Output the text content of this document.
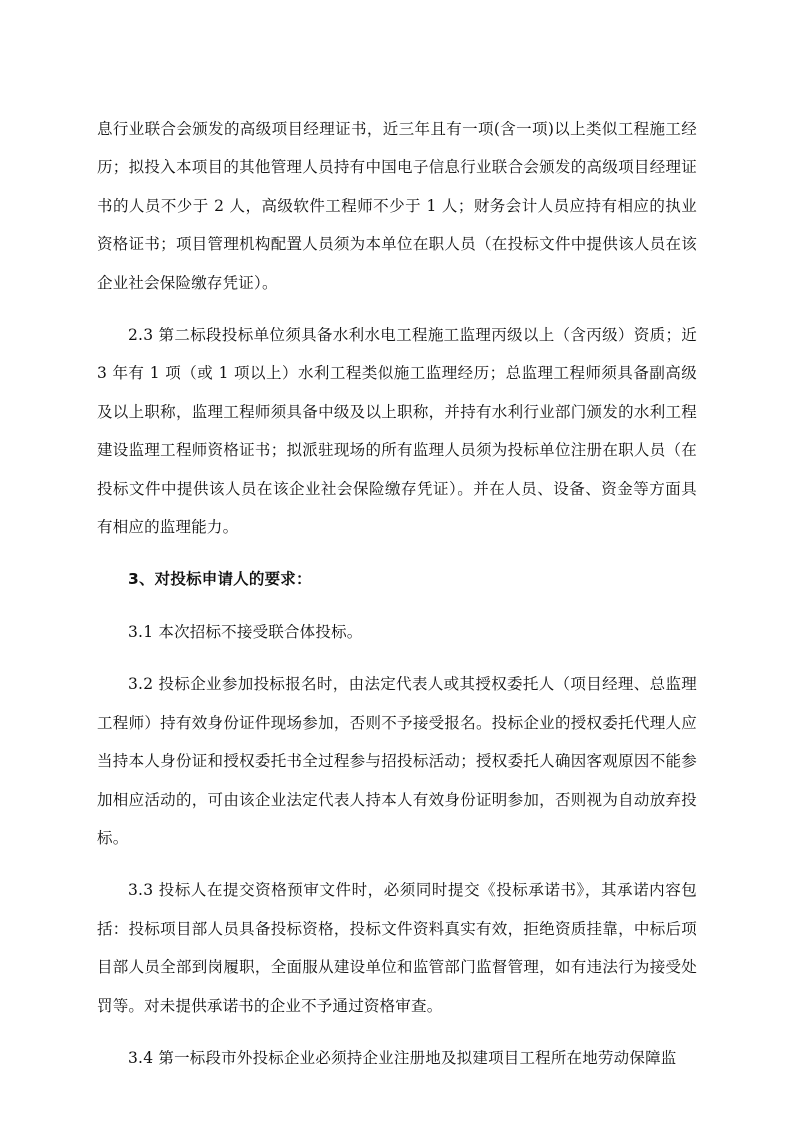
息行业联合会颁发的高级项目经理证书，近三年且有一项(含一项)以上类似工程施工经历；拟投入本项目的其他管理人员持有中国电子信息行业联合会颁发的高级项目经理证书的人员不少于 2 人，高级软件工程师不少于 1 人；财务会计人员应持有相应的执业资格证书；项目管理机构配置人员须为本单位在职人员（在投标文件中提供该人员在该企业社会保险缴存凭证）。

2.3 第二标段投标单位须具备水利水电工程施工监理丙级以上（含丙级）资质；近 3 年有 1 项（或 1 项以上）水利工程类似施工监理经历；总监理工程师须具备副高级及以上职称，监理工程师须具备中级及以上职称，并持有水利行业部门颁发的水利工程建设监理工程师资格证书；拟派驻现场的所有监理人员须为投标单位注册在职人员（在投标文件中提供该人员在该企业社会保险缴存凭证）。并在人员、设备、资金等方面具有相应的监理能力。

3、对投标申请人的要求：

3.1 本次招标不接受联合体投标。

3.2 投标企业参加投标报名时，由法定代表人或其授权委托人（项目经理、总监理工程师）持有效身份证件现场参加，否则不予接受报名。投标企业的授权委托代理人应当持本人身份证和授权委托书全过程参与招投标活动；授权委托人确因客观原因不能参加相应活动的，可由该企业法定代表人持本人有效身份证明参加，否则视为自动放弃投标。

3.3 投标人在提交资格预审文件时，必须同时提交《投标承诺书》，其承诺内容包括：投标项目部人员具备投标资格，投标文件资料真实有效，拒绝资质挂靠，中标后项目部人员全部到岗履职，全面服从建设单位和监管部门监督管理，如有违法行为接受处罚等。对未提供承诺书的企业不予通过资格审查。

3.4 第一标段市外投标企业必须持企业注册地及拟建项目工程所在地劳动保障监
